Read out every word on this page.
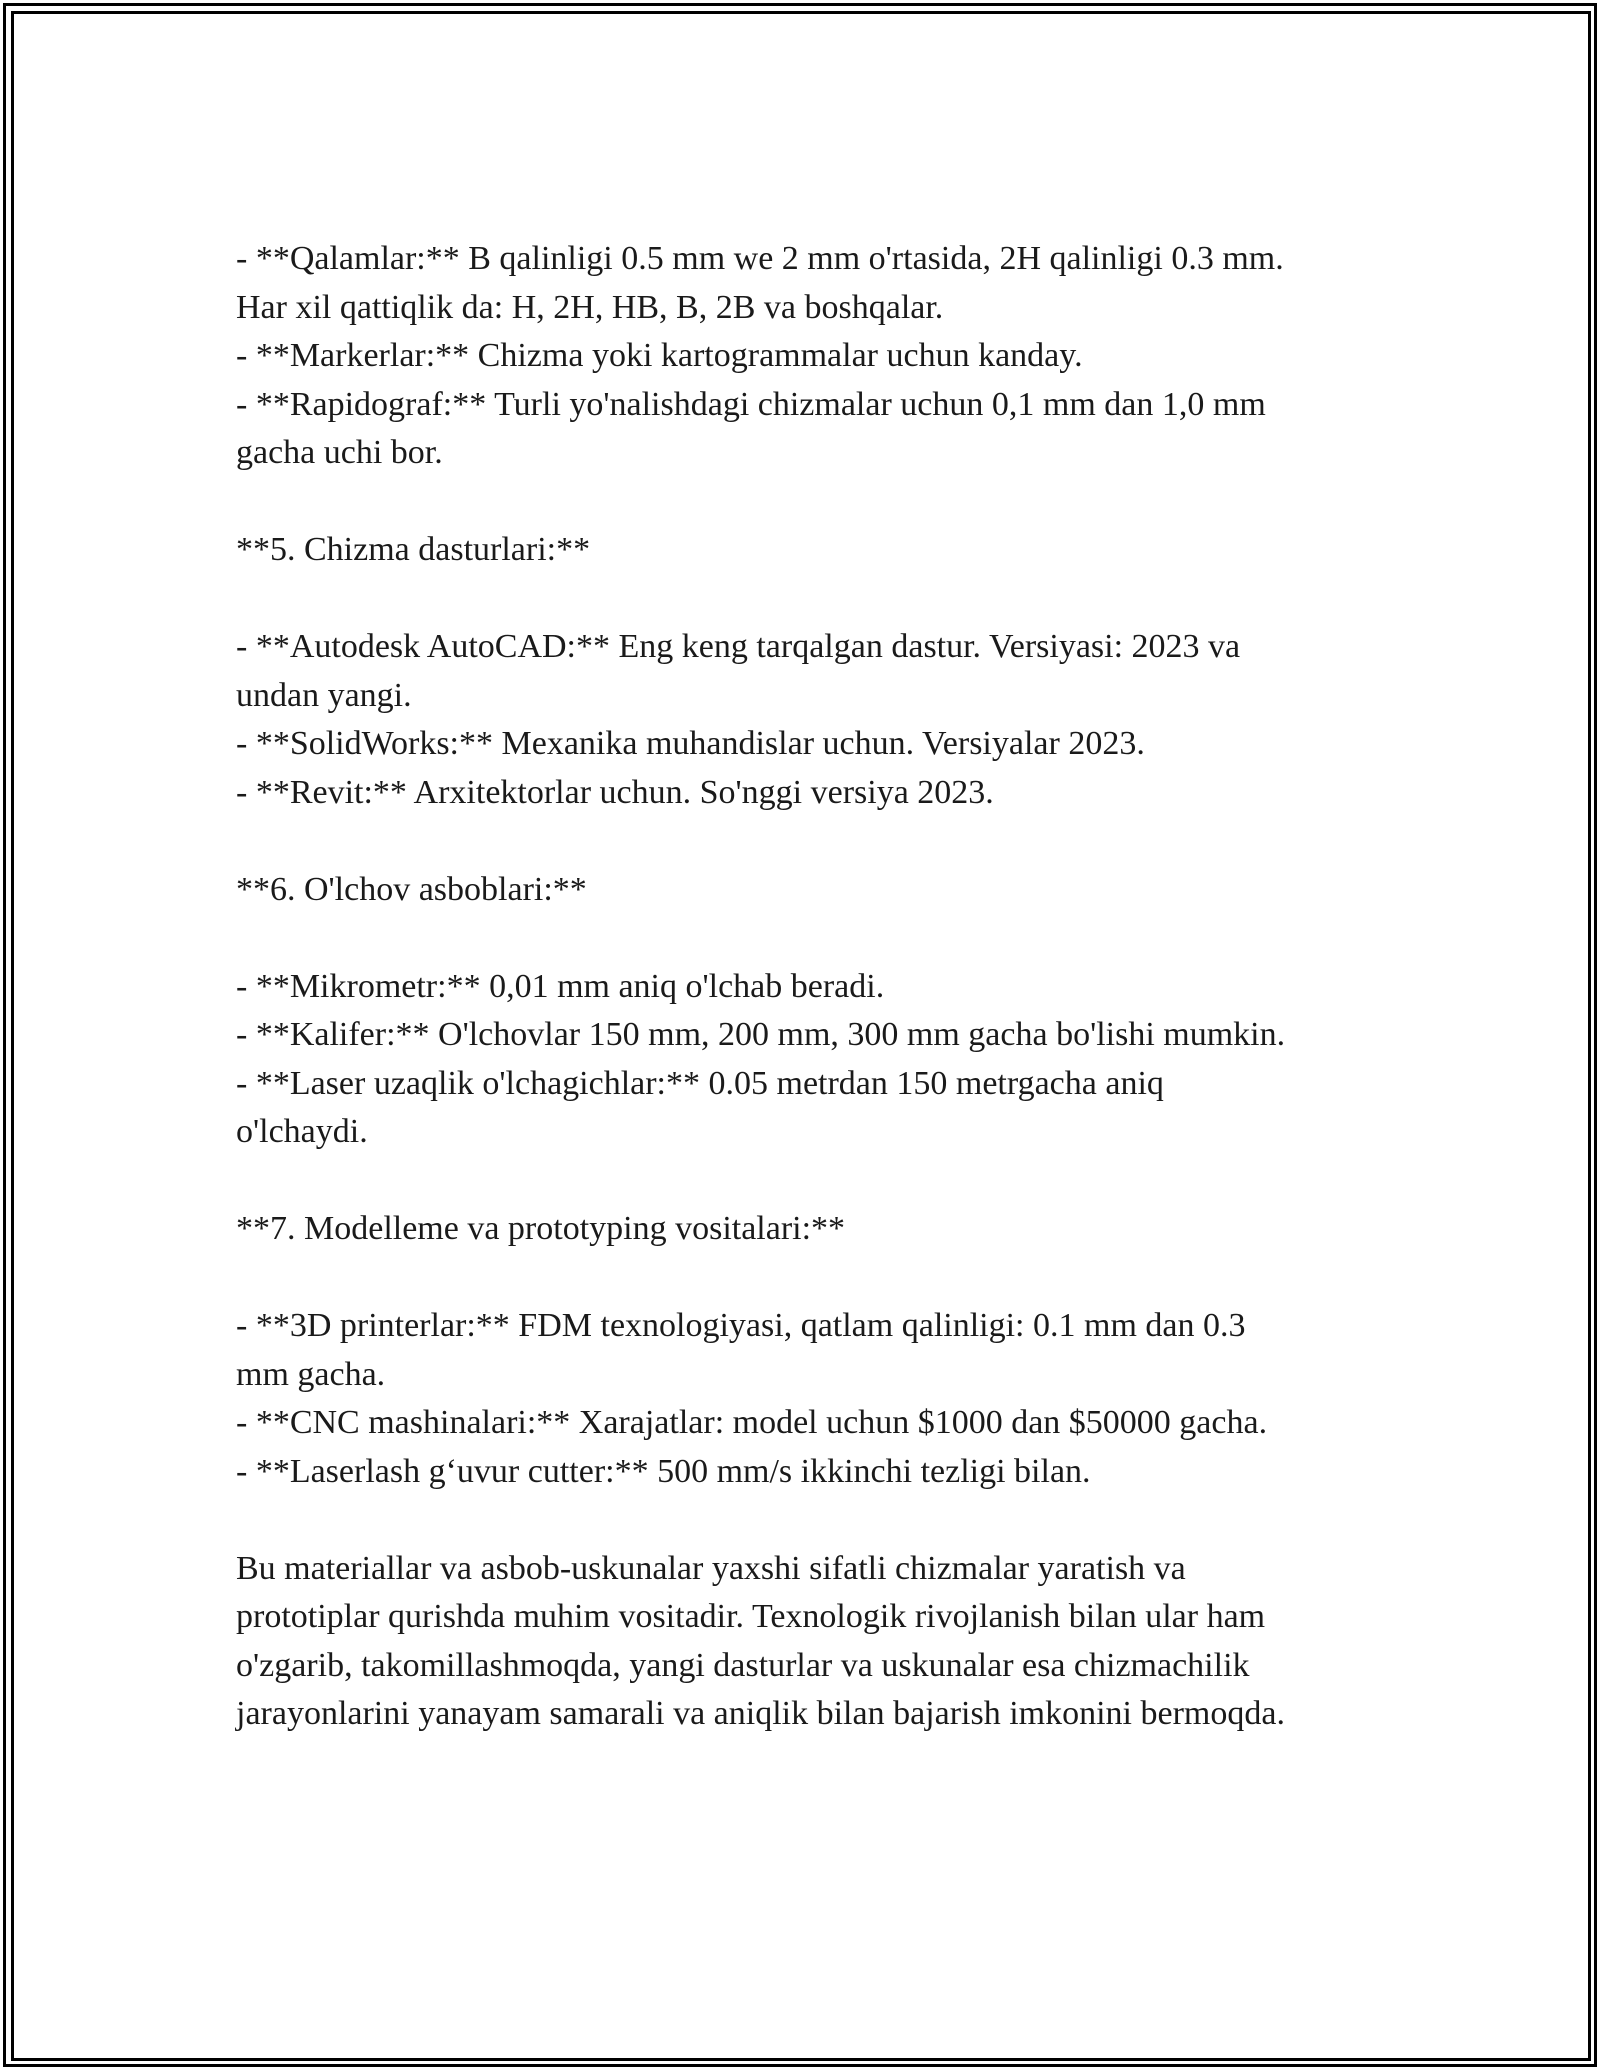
- **Qalamlar:** B qalinligi 0.5 mm we 2 mm o'rtasida, 2H qalinligi 0.3 mm.

Har xil qattiqlik da: H, 2H, HB, B, 2B va boshqalar.

- **Markerlar:** Chizma yoki kartogrammalar uchun kanday.

- **Rapidograf:** Turli yo'nalishdagi chizmalar uchun 0,1 mm dan 1,0 mm

gacha uchi bor.

**5. Chizma dasturlari:**

- **Autodesk AutoCAD:** Eng keng tarqalgan dastur. Versiyasi: 2023 va

undan yangi.

- **SolidWorks:** Mexanika muhandislar uchun. Versiyalar 2023.

- **Revit:** Arxitektorlar uchun. So'nggi versiya 2023.

**6. O'lchov asboblari:**

- **Mikrometr:** 0,01 mm aniq o'lchab beradi.

- **Kalifer:** O'lchovlar 150 mm, 200 mm, 300 mm gacha bo'lishi mumkin.

- **Laser uzaqlik o'lchagichlar:** 0.05 metrdan 150 metrgacha aniq

o'lchaydi.

**7. Modelleme va prototyping vositalari:**

- **3D printerlar:** FDM texnologiyasi, qatlam qalinligi: 0.1 mm dan 0.3

mm gacha.

- **CNC mashinalari:** Xarajatlar: model uchun $1000 dan $50000 gacha.

- **Laserlash g‘uvur cutter:** 500 mm/s ikkinchi tezligi bilan.

Bu materiallar va asbob-uskunalar yaxshi sifatli chizmalar yaratish va

prototiplar qurishda muhim vositadir. Texnologik rivojlanish bilan ular ham

o'zgarib, takomillashmoqda, yangi dasturlar va uskunalar esa chizmachilik

jarayonlarini yanayam samarali va aniqlik bilan bajarish imkonini bermoqda.
